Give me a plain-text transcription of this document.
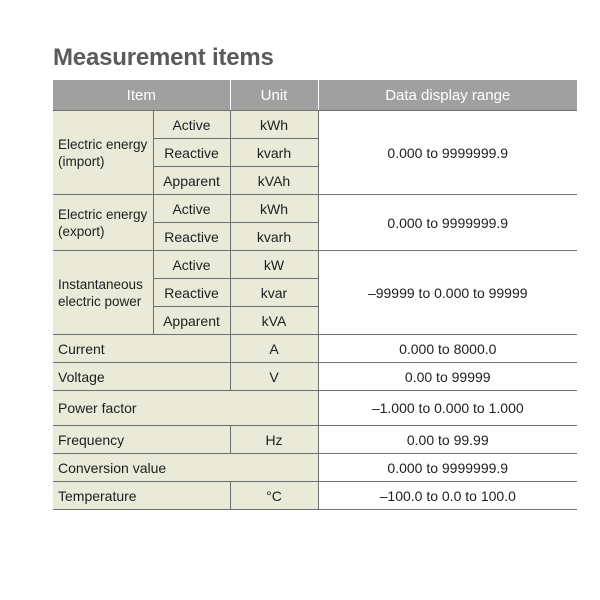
Measurement items
Item		Unit	Data display range
Electric energy
(import)	Active	kWh	0.000 to 9999999.9
	Reactive	kvarh	
	Apparent	kVAh	
Electric energy
(export)	Active	kWh	0.000 to 9999999.9
	Reactive	kvarh	
Instantaneous
electric power	Active	kW	–99999 to 0.000 to 99999
	Reactive	kvar	
	Apparent	kVA	
Current		A	0.000 to 8000.0
Voltage		V	0.00 to 99999
Power factor			–1.000 to 0.000 to 1.000
Frequency		Hz	0.00 to 99.99
Conversion value			0.000 to 9999999.9
Temperature		°C	–100.0 to 0.0 to 100.0
